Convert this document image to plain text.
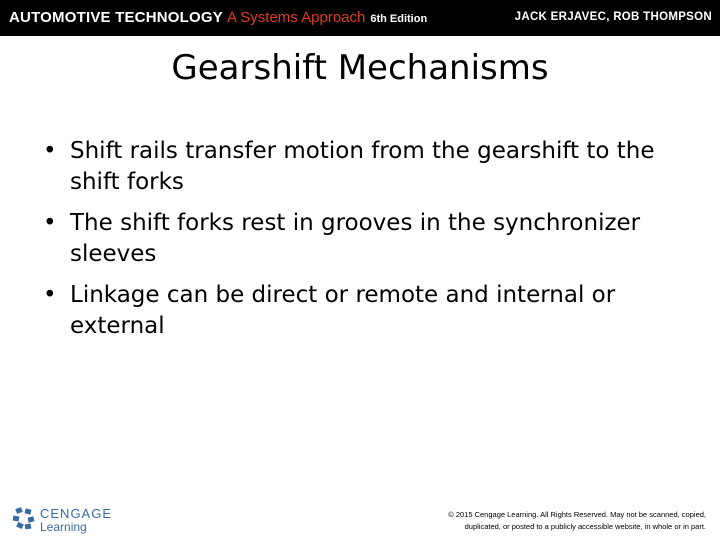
AUTOMOTIVE TECHNOLOGY A Systems Approach 6th Edition	JACK ERJAVEC, ROB THOMPSON
Gearshift Mechanisms
• Shift rails transfer motion from the gearshift to the shift forks
• The shift forks rest in grooves in the synchronizer sleeves
• Linkage can be direct or remote and internal or external
CENGAGE
Learning
© 2015 Cengage Learning. All Rights Reserved. May not be scanned, copied,
duplicated, or posted to a publicly accessible website, in whole or in part.
